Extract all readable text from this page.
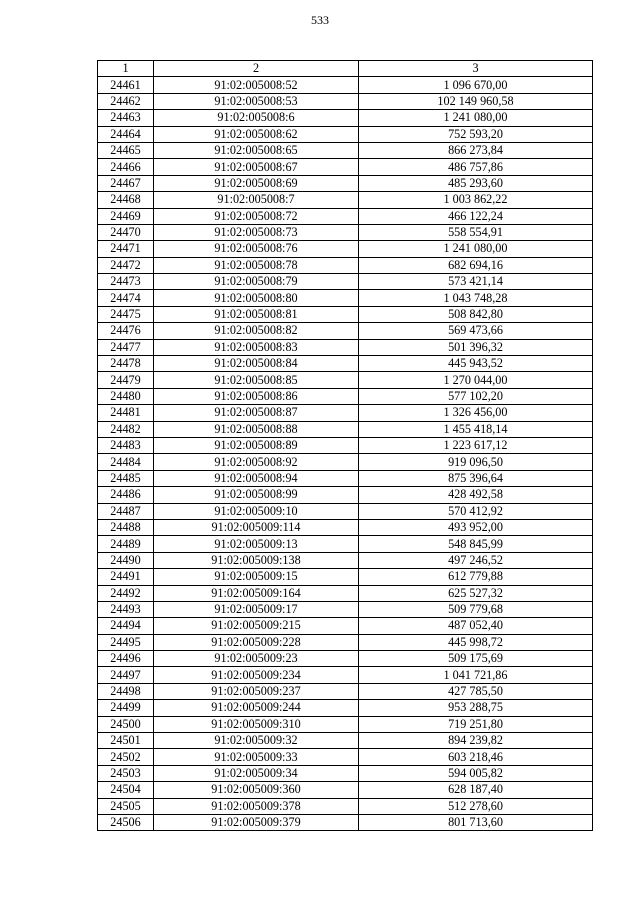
533
1	2	3
24461	91:02:005008:52	1 096 670,00
24462	91:02:005008:53	102 149 960,58
24463	91:02:005008:6	1 241 080,00
24464	91:02:005008:62	752 593,20
24465	91:02:005008:65	866 273,84
24466	91:02:005008:67	486 757,86
24467	91:02:005008:69	485 293,60
24468	91:02:005008:7	1 003 862,22
24469	91:02:005008:72	466 122,24
24470	91:02:005008:73	558 554,91
24471	91:02:005008:76	1 241 080,00
24472	91:02:005008:78	682 694,16
24473	91:02:005008:79	573 421,14
24474	91:02:005008:80	1 043 748,28
24475	91:02:005008:81	508 842,80
24476	91:02:005008:82	569 473,66
24477	91:02:005008:83	501 396,32
24478	91:02:005008:84	445 943,52
24479	91:02:005008:85	1 270 044,00
24480	91:02:005008:86	577 102,20
24481	91:02:005008:87	1 326 456,00
24482	91:02:005008:88	1 455 418,14
24483	91:02:005008:89	1 223 617,12
24484	91:02:005008:92	919 096,50
24485	91:02:005008:94	875 396,64
24486	91:02:005008:99	428 492,58
24487	91:02:005009:10	570 412,92
24488	91:02:005009:114	493 952,00
24489	91:02:005009:13	548 845,99
24490	91:02:005009:138	497 246,52
24491	91:02:005009:15	612 779,88
24492	91:02:005009:164	625 527,32
24493	91:02:005009:17	509 779,68
24494	91:02:005009:215	487 052,40
24495	91:02:005009:228	445 998,72
24496	91:02:005009:23	509 175,69
24497	91:02:005009:234	1 041 721,86
24498	91:02:005009:237	427 785,50
24499	91:02:005009:244	953 288,75
24500	91:02:005009:310	719 251,80
24501	91:02:005009:32	894 239,82
24502	91:02:005009:33	603 218,46
24503	91:02:005009:34	594 005,82
24504	91:02:005009:360	628 187,40
24505	91:02:005009:378	512 278,60
24506	91:02:005009:379	801 713,60
